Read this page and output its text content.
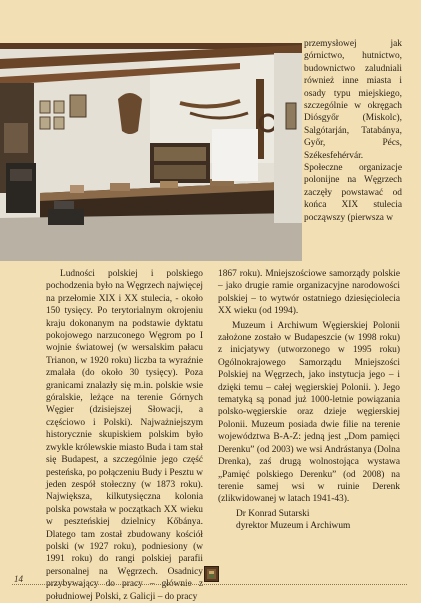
przemysłowej jak górnictwo, hutnictwo, budownictwo zaludniali również inne miasta i osady typu miejskiego, szczególnie w okręgach Diósgyőr (Miskolc), Salgótarján, Tatabánya, Győr, Pécs, Székesfehérvár. Społeczne organizacje polonijne na Węgrzech zaczęły powstawać od końca XIX stulecia począwszy (pierwsza w

Ludności polskiej i polskiego pochodzenia było na Węgrzech najwięcej na przełomie XIX i XX stulecia, - około 150 tysięcy. Po terytorialnym okrojeniu kraju dokonanym na podstawie dyktatu pokojowego narzuconego Węgrom po I wojnie światowej (w wersalskim pałacu Trianon, w 1920 roku) liczba ta wyraźnie zmalała (do około 30 tysięcy). Poza granicami znalazły się m.in. polskie wsie góralskie, leżące na terenie Górnych Węgier (dzisiejszej Słowacji, a częściowo i Polski). Najważniejszym historycznie skupiskiem polskim było zwykle królewskie miasto Buda i tam stał się Budapest, a szczególnie jego część pesteńska, po połączeniu Budy i Pesztu w jeden zespół stołeczny (w 1873 roku). Największa, kilkutysięczna kolonia polska powstała w początkach XX wieku w peszteńskiej dzielnicy Kőbánya. Dlatego tam został zbudowany kościół polski (w 1927 roku), podniesiony (w 1991 roku) do rangi polskiej parafii personalnej na Węgrzech. Osadnicy przybywający do pracy – głównie z południowej Polski, z Galicji – do pracy

1867 roku). Mniejszościowe samorządy polskie – jako drugie ramie organizacyjne narodowości polskiej – to wytwór ostatniego dziesięciolecia XX wieku (od 1994).

Muzeum i Archiwum Węgierskiej Polonii założone zostało w Budapeszcie (w 1998 roku) z inicjatywy (utworzonego w 1995 roku) Ogólnokrajowego Samorządu Mniejszości Polskiej na Węgrzech, jako instytucja jego – i dzięki temu – całej węgierskiej Polonii. ). Jego tematyką są ponad już 1000-letnie powiązania polsko-węgierskie oraz dzieje węgierskiej Polonii. Muzeum posiada dwie filie na terenie województwa B-A-Z: jedną jest „Dom pamięci Derenku” (od 2003) we wsi Andrástanya (Dolna Drenka), zaś drugą wolnostojąca wystawa „Pamięć polskiego Derenku” (od 2008) na terenie samej wsi w ruinie Derenk (zlikwidowanej w latach 1941-43).

Dr Konrad Sutarski
dyrektor Muzeum i Archiwum
14
